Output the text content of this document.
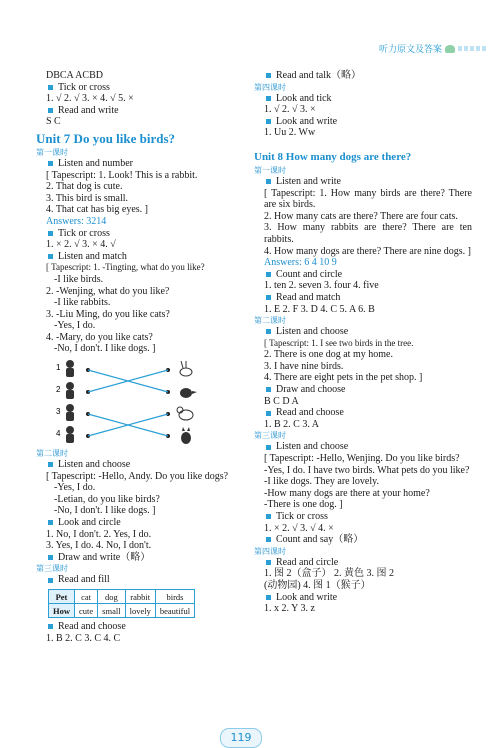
听力原文及答案
DBCA ACBD
Tick or cross
1. √ 2. √ 3. × 4. √ 5. ×
Read and write
S C
Unit 7 Do you like birds?
第一课时
Listen and number
[ Tapescript: 1. Look! This is a rabbit.
2. That dog is cute.
3. This bird is small.
4. That cat has big eyes. ]
Answers: 3214
Tick or cross
1. × 2. √ 3. × 4. √
Listen and match
[ Tapescript: 1. -Tingting, what do you like?
-I like birds.
2. -Wenjing, what do you like?
-I like rabbits.
3. -Liu Ming, do you like cats?
-Yes, I do.
4. -Mary, do you like cats?
-No, I don't. I like dogs. ]
1
2
3
4
第二课时
Listen and choose
[ Tapescript: -Hello, Andy. Do you like dogs?
-Yes, I do.
-Letian, do you like birds?
-No, I don't. I like dogs. ]
Look and circle
1. No, I don't. 2. Yes, I do.
3. Yes, I do. 4. No, I don't.
Draw and write（略）
第三课时
Read and fill
Pet	cat	dog	rabbit	birds
How	cute	small	lovely	beautiful
Read and choose
1. B 2. C 3. C 4. C
Read and talk（略）
第四课时
Look and tick
1. √ 2. √ 3. ×
Look and write
1. Uu 2. Ww
Unit 8 How many dogs are there?
第一课时
Listen and write
[ Tapescript: 1. How many birds are there? There are six birds.
2. How many cats are there? There are four cats.
3. How many rabbits are there? There are ten rabbits.
4. How many dogs are there? There are nine dogs. ]
Answers: 6 4 10 9
Count and circle
1. ten 2. seven 3. four 4. five
Read and match
1. E 2. F 3. D 4. C 5. A 6. B
第二课时
Listen and choose
[ Tapescript: 1. I see two birds in the tree.
2. There is one dog at my home.
3. I have nine birds.
4. There are eight pets in the pet shop. ]
Draw and choose
B C D A
Read and choose
1. B 2. C 3. A
第三课时
Listen and choose
[ Tapescript: -Hello, Wenjing. Do you like birds?
-Yes, I do. I have two birds. What pets do you like?
-I like dogs. They are lovely.
-How many dogs are there at your home?
-There is one dog. ]
Tick or cross
1. × 2. √ 3. √ 4. ×
Count and say（略）
第四课时
Read and circle
1. 图 2（盒子） 2. 黄色 3. 图 2
(动物园) 4. 图 1（猴子）
Look and write
1. x 2. Y 3. z
119
